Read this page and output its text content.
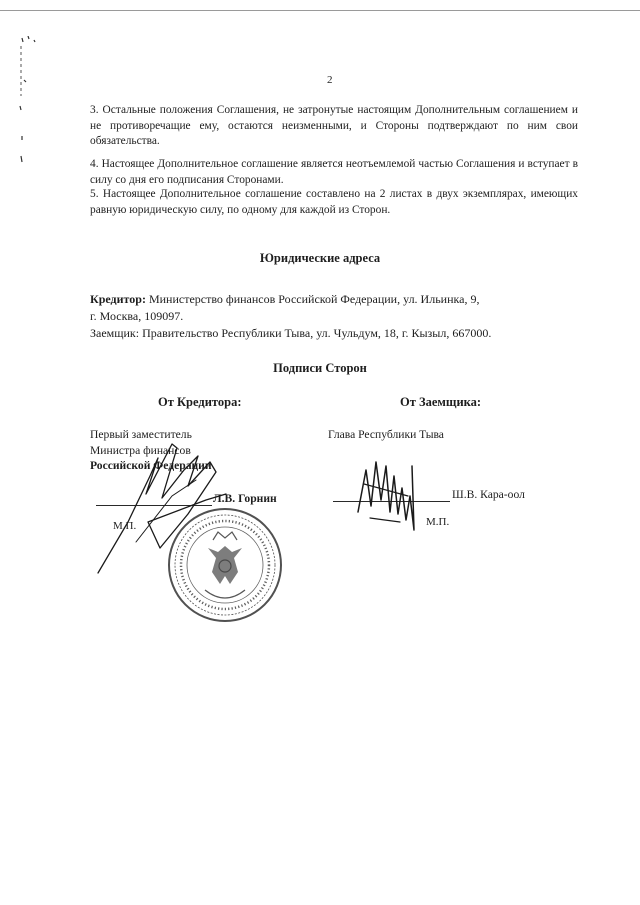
2

3. Остальные положения Соглашения, не затронутые настоящим Дополнительным соглашением и не противоречащие ему, остаются неизменными, и Стороны подтверждают по ним свои обязательства.

4. Настоящее Дополнительное соглашение является неотъемлемой частью Соглашения и вступает в силу со дня его подписания Сторонами.

5. Настоящее Дополнительное соглашение составлено на 2 листах в двух экземплярах, имеющих равную юридическую силу, по одному для каждой из Сторон.

Юридические адреса

Кредитор: Министерство финансов Российской Федерации, ул. Ильинка, 9,
г. Москва, 109097.

Заемщик: Правительство Республики Тыва, ул. Чульдум, 18, г. Кызыл, 667000.

Подписи Сторон
От Кредитора:	От Заемщика:
Первый заместитель
Министра финансов
Российской Федерации
Глава Республики Тыва
Л.В. Горнин	Ш.В. Кара-оол
М.П.	М.П.
